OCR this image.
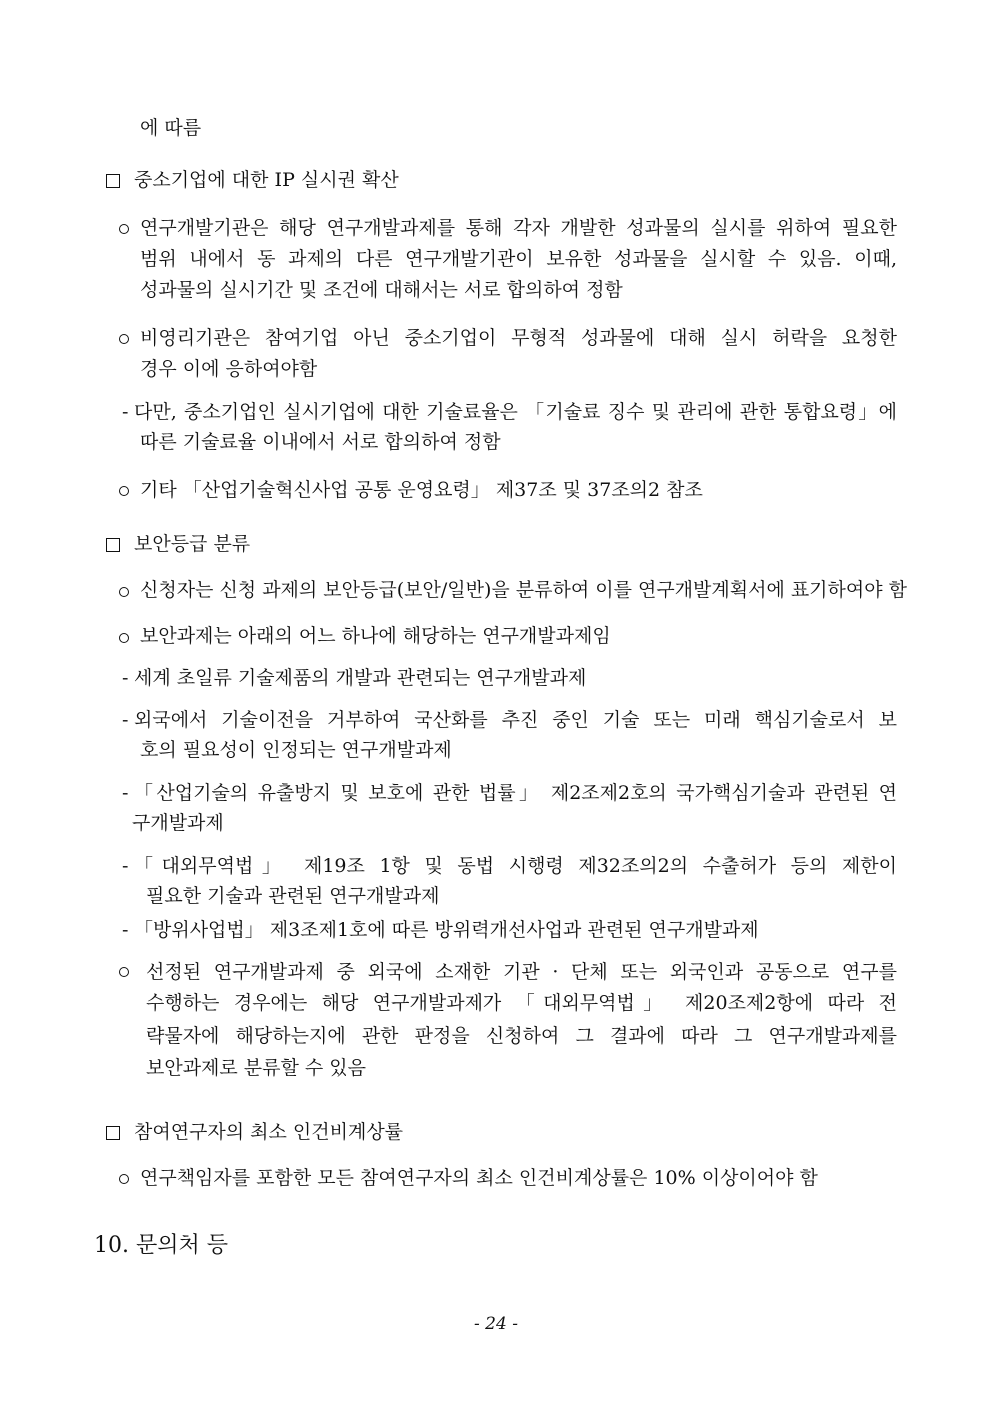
에 따름
중소기업에 대한 IP 실시권 확산
연구개발기관은 해당 연구개발과제를 통해 각자 개발한 성과물의 실시를 위하여 필요한
범위 내에서 동 과제의 다른 연구개발기관이 보유한 성과물을 실시할 수 있음. 이때,
성과물의 실시기간 및 조건에 대해서는 서로 합의하여 정함
비영리기관은 참여기업 아닌 중소기업이 무형적 성과물에 대해 실시 허락을 요청한
경우 이에 응하여야함
- 다만, 중소기업인 실시기업에 대한 기술료율은 「기술료 징수 및 관리에 관한 통합요령」에
따른 기술료율 이내에서 서로 합의하여 정함
기타 「산업기술혁신사업 공통 운영요령」 제37조 및 37조의2 참조
보안등급 분류
신청자는 신청 과제의 보안등급(보안/일반)을 분류하여 이를 연구개발계획서에 표기하여야 함
보안과제는 아래의 어느 하나에 해당하는 연구개발과제임
- 세계 초일류 기술제품의 개발과 관련되는 연구개발과제
- 외국에서 기술이전을 거부하여 국산화를 추진 중인 기술 또는 미래 핵심기술로서 보
호의 필요성이 인정되는 연구개발과제
- 「산업기술의 유출방지 및 보호에 관한 법률」 제2조제2호의 국가핵심기술과 관련된 연
구개발과제
- 「대외무역법」 제19조 1항 및 동법 시행령 제32조의2의 수출허가 등의 제한이
필요한 기술과 관련된 연구개발과제
- 「방위사업법」 제3조제1호에 따른 방위력개선사업과 관련된 연구개발과제
선정된 연구개발과제 중 외국에 소재한 기관 · 단체 또는 외국인과 공동으로 연구를
수행하는 경우에는 해당 연구개발과제가 「대외무역법」 제20조제2항에 따라 전
략물자에 해당하는지에 관한 판정을 신청하여 그 결과에 따라 그 연구개발과제를
보안과제로 분류할 수 있음
참여연구자의 최소 인건비계상률
연구책임자를 포함한 모든 참여연구자의 최소 인건비계상률은 10% 이상이어야 함
10. 문의처 등
- 24 -
